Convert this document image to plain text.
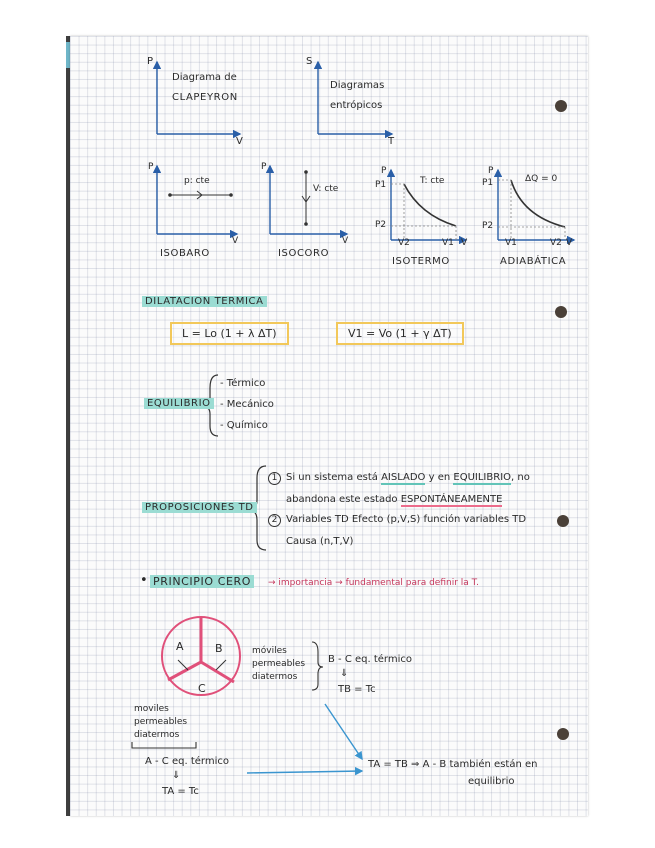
P
V
Diagrama de
CLAPEYRON
S
T
Diagramas
entrópicos
P
V
p: cte
ISOBARO
P
V
V: cte
ISOCORO
P
V
T: cte
P1
P2
V2	V1
ISOTERMO
P
V
ΔQ = 0
P1
P2
V1	V2
ADIABÁTICA
DILATACION TERMICA
L = Lo (1 + λ ΔT)	V1 = Vo (1 + γ ΔT)
EQUILIBRIO
- Térmico
- Mecánico
- Químico
PROPOSICIONES TD
1 Si un sistema está AISLADO y en EQUILIBRIO, no
abandona este estado ESPONTÁNEAMENTE
2 Variables TD Efecto (p,V,S) función variables TD
Causa (n,T,V)
• PRINCIPIO CERO	→ importancia → fundamental para definir la T.
A	B
C
móviles
permeables
diatermos
B - C eq. térmico
⇓
TB = Tc
moviles
permeables
diatermos
A - C eq. térmico
⇓
TA = Tc
TA = TB ⇒ A - B también están en
equilibrio
